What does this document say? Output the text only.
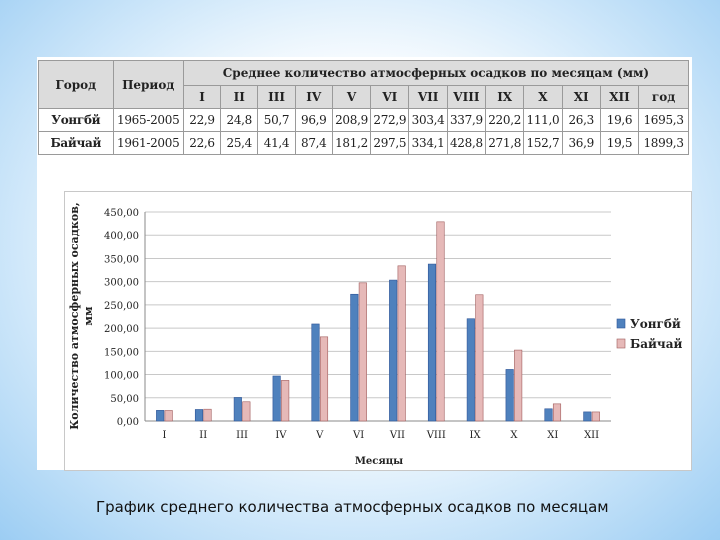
Город	Период	Среднее количество атмосферных осадков по месяцам (мм)												
		I	II	III	IV	V	VI	VII	VIII	IX	X	XI	XII	год
Уонгбй	1965-2005	22,9	24,8	50,7	96,9	208,9	272,9	303,4	337,9	220,2	111,0	26,3	19,6	1695,3
Байчай	1961-2005	22,6	25,4	41,4	87,4	181,2	297,5	334,1	428,8	271,8	152,7	36,9	19,5	1899,3
0,00
50,00
100,00
150,00
200,00
250,00
300,00
350,00
400,00
450,00
I	II	III	IV	V	VI	VII VIII IX	X	XI	XII
Месяцы
Количество атмосферных осадков, мм	Уонгбй
Байчай
График среднего количества атмосферных осадков по месяцам
